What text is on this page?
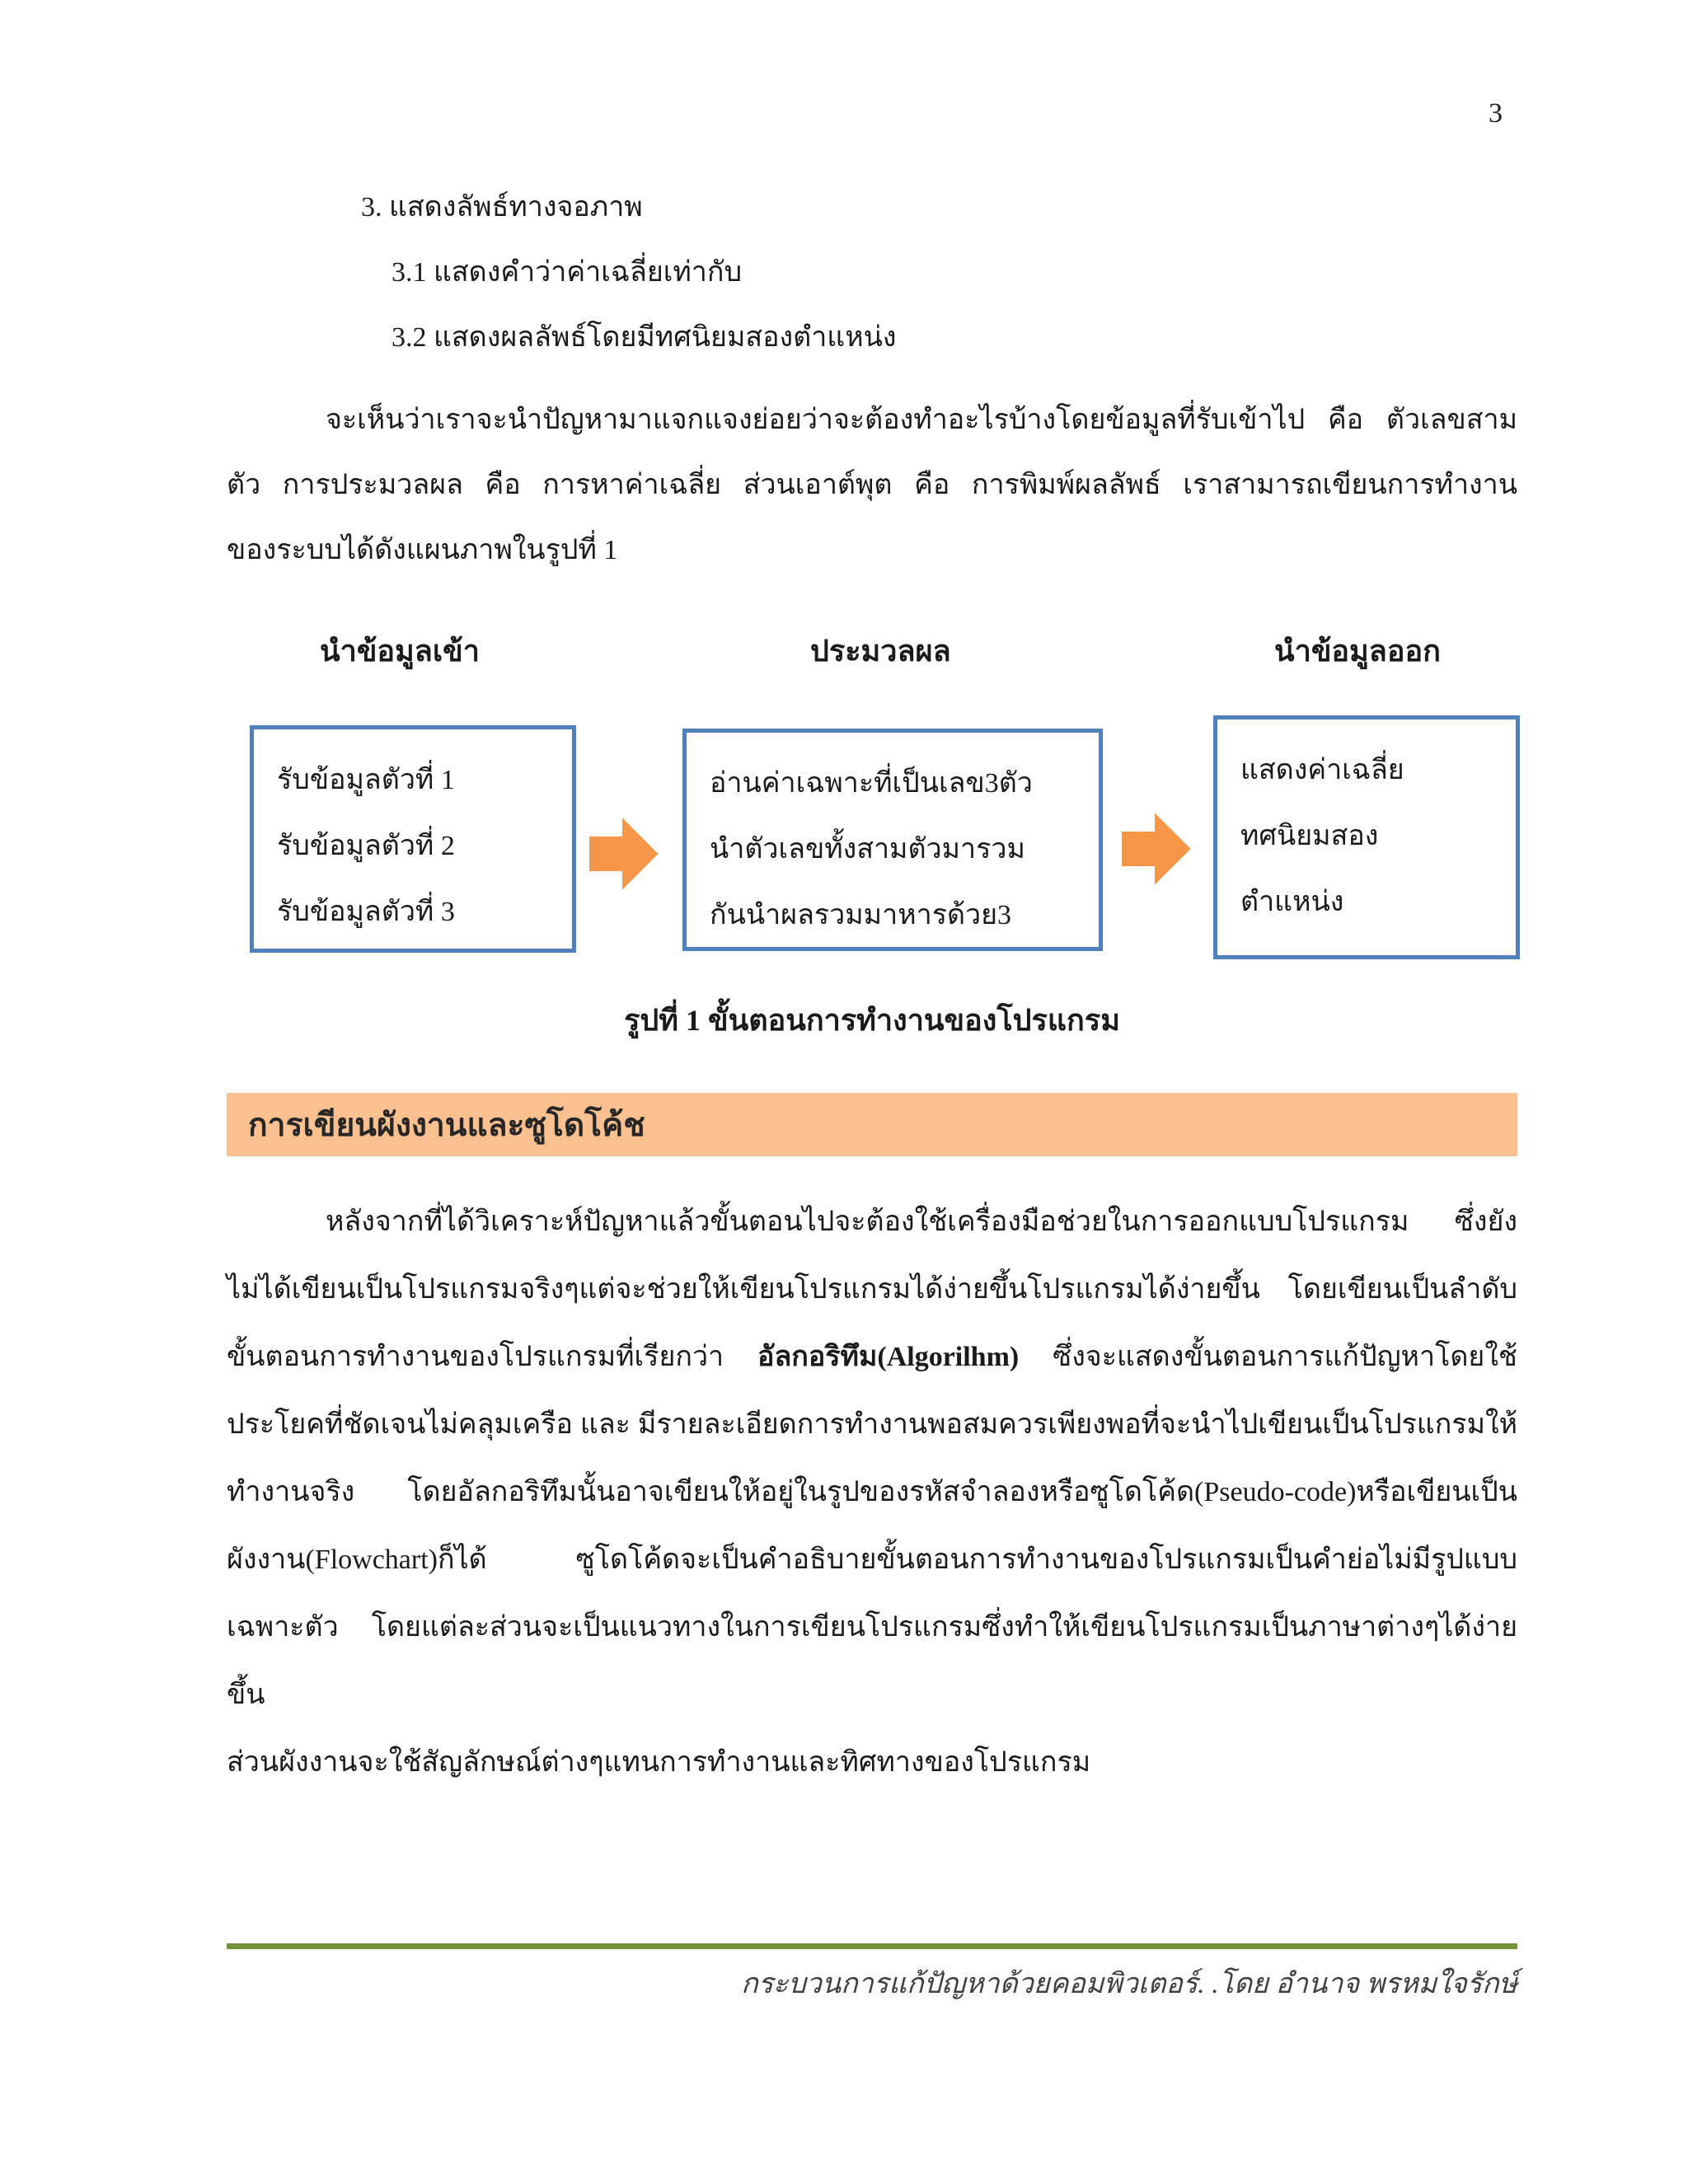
3
3. แสดงลัพธ์ทางจอภาพ
3.1 แสดงคำว่าค่าเฉลี่ยเท่ากับ
3.2 แสดงผลลัพธ์โดยมีทศนิยมสองตำแหน่ง
จะเห็นว่าเราจะนำปัญหามาแจกแจงย่อยว่าจะต้องทำอะไรบ้างโดยข้อมูลที่รับเข้าไป คือ ตัวเลขสาม
ตัว การประมวลผล คือ การหาค่าเฉลี่ย ส่วนเอาต์พุต คือ การพิมพ์ผลลัพธ์ เราสามารถเขียนการทำงาน
ของระบบได้ดังแผนภาพในรูปที่ 1
นำข้อมูลเข้า	ประมวลผล	นำข้อมูลออก
รับข้อมูลตัวที่ 1
รับข้อมูลตัวที่ 2
รับข้อมูลตัวที่ 3
อ่านค่าเฉพาะที่เป็นเลข3ตัว
นำตัวเลขทั้งสามตัวมารวม
กันนำผลรวมมาหารด้วย3
แสดงค่าเฉลี่ย
ทศนิยมสอง
ตำแหน่ง
รูปที่ 1 ขั้นตอนการทำงานของโปรแกรม
การเขียนผังงานและซูโดโค้ช
หลังจากที่ได้วิเคราะห์ปัญหาแล้วขั้นตอนไปจะต้องใช้เครื่องมือช่วยในการออกแบบโปรแกรม ซึ่งยัง
ไม่ได้เขียนเป็นโปรแกรมจริงๆแต่จะช่วยให้เขียนโปรแกรมได้ง่ายขึ้นโปรแกรมได้ง่ายขึ้น โดยเขียนเป็นลำดับ
ขั้นตอนการทำงานของโปรแกรมที่เรียกว่า อัลกอริทึม(Algorilhm) ซึ่งจะแสดงขั้นตอนการแก้ปัญหาโดยใช้
ประโยคที่ชัดเจนไม่คลุมเครือ และ มีรายละเอียดการทำงานพอสมควรเพียงพอที่จะนำไปเขียนเป็นโปรแกรมให้
ทำงานจริง โดยอัลกอริทึมนั้นอาจเขียนให้อยู่ในรูปของรหัสจำลองหรือซูโดโค้ด(Pseudo-code)หรือเขียนเป็น
ผังงาน(Flowchart)ก็ได้ ซูโดโค้ดจะเป็นคำอธิบายขั้นตอนการทำงานของโปรแกรมเป็นคำย่อไม่มีรูปแบบ
เฉพาะตัว โดยแต่ละส่วนจะเป็นแนวทางในการเขียนโปรแกรมซึ่งทำให้เขียนโปรแกรมเป็นภาษาต่างๆได้ง่ายขึ้น
ส่วนผังงานจะใช้สัญลักษณ์ต่างๆแทนการทำงานและทิศทางของโปรแกรม
กระบวนการแก้ปัญหาด้วยคอมพิวเตอร์. .โดย อำนาจ พรหมใจรักษ์
